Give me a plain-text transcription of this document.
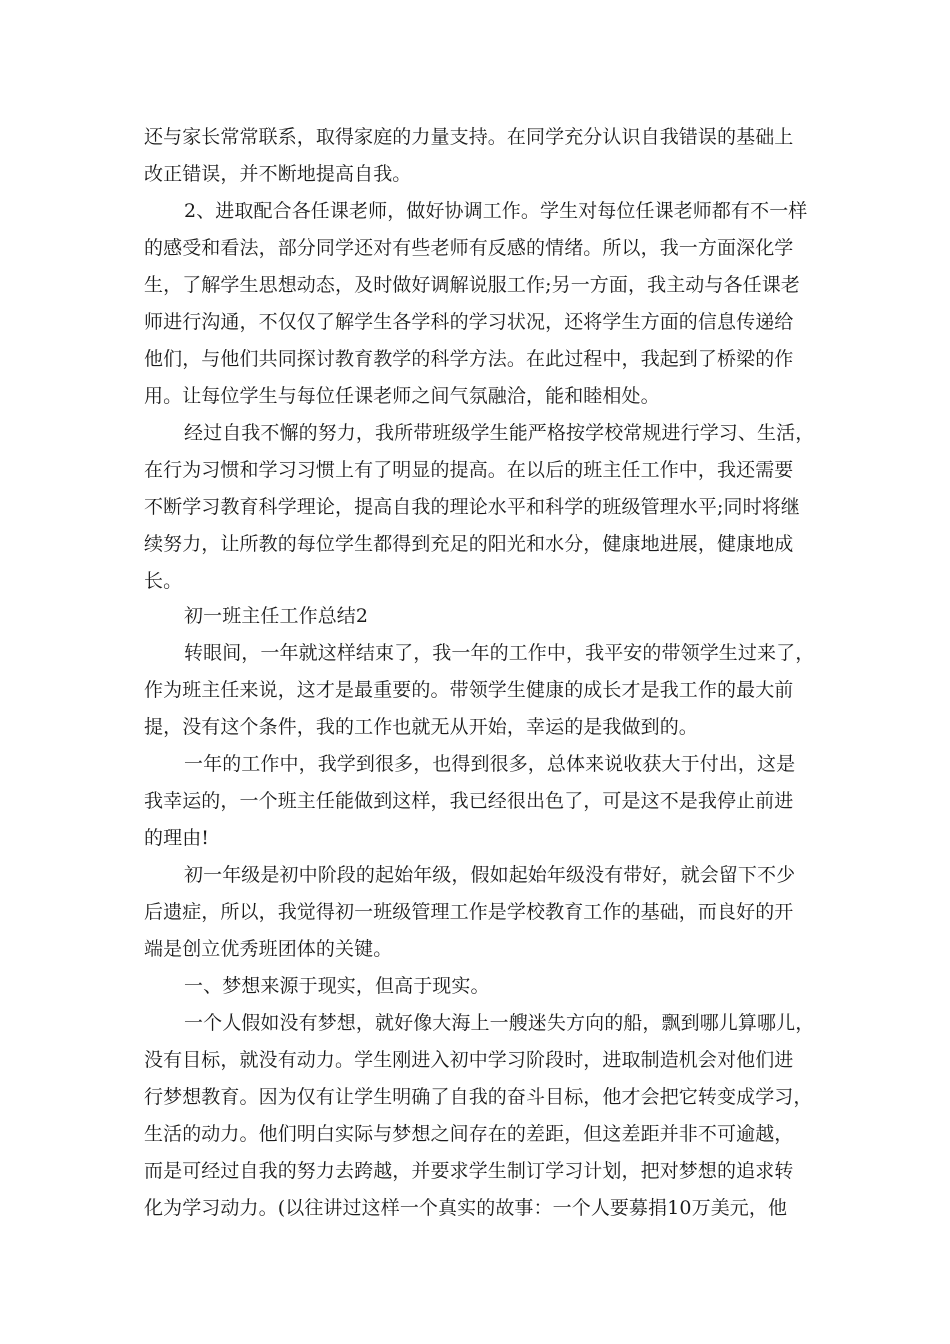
还与家长常常联系，取得家庭的力量支持。在同学充分认识自我错误的基础上
改正错误，并不断地提高自我。
2、进取配合各任课老师，做好协调工作。学生对每位任课老师都有不一样
的感受和看法，部分同学还对有些老师有反感的情绪。所以，我一方面深化学
生，了解学生思想动态，及时做好调解说服工作;另一方面，我主动与各任课老
师进行沟通，不仅仅了解学生各学科的学习状况，还将学生方面的信息传递给
他们，与他们共同探讨教育教学的科学方法。在此过程中，我起到了桥梁的作
用。让每位学生与每位任课老师之间气氛融洽，能和睦相处。
经过自我不懈的努力，我所带班级学生能严格按学校常规进行学习、生活，
在行为习惯和学习习惯上有了明显的提高。在以后的班主任工作中，我还需要
不断学习教育科学理论，提高自我的理论水平和科学的班级管理水平;同时将继
续努力，让所教的每位学生都得到充足的阳光和水分，健康地进展，健康地成
长。
初一班主任工作总结2
转眼间，一年就这样结束了，我一年的工作中，我平安的带领学生过来了，
作为班主任来说，这才是最重要的。带领学生健康的成长才是我工作的最大前
提，没有这个条件，我的工作也就无从开始，幸运的是我做到的。
一年的工作中，我学到很多，也得到很多，总体来说收获大于付出，这是
我幸运的，一个班主任能做到这样，我已经很出色了，可是这不是我停止前进
的理由!
初一年级是初中阶段的起始年级，假如起始年级没有带好，就会留下不少
后遗症，所以，我觉得初一班级管理工作是学校教育工作的基础，而良好的开
端是创立优秀班团体的关键。
一、梦想来源于现实，但高于现实。
一个人假如没有梦想，就好像大海上一艘迷失方向的船，飘到哪儿算哪儿，
没有目标，就没有动力。学生刚进入初中学习阶段时，进取制造机会对他们进
行梦想教育。因为仅有让学生明确了自我的奋斗目标，他才会把它转变成学习，
生活的动力。他们明白实际与梦想之间存在的差距，但这差距并非不可逾越，
而是可经过自我的努力去跨越，并要求学生制订学习计划，把对梦想的追求转
化为学习动力。(以往讲过这样一个真实的故事：一个人要募捐10万美元，他
